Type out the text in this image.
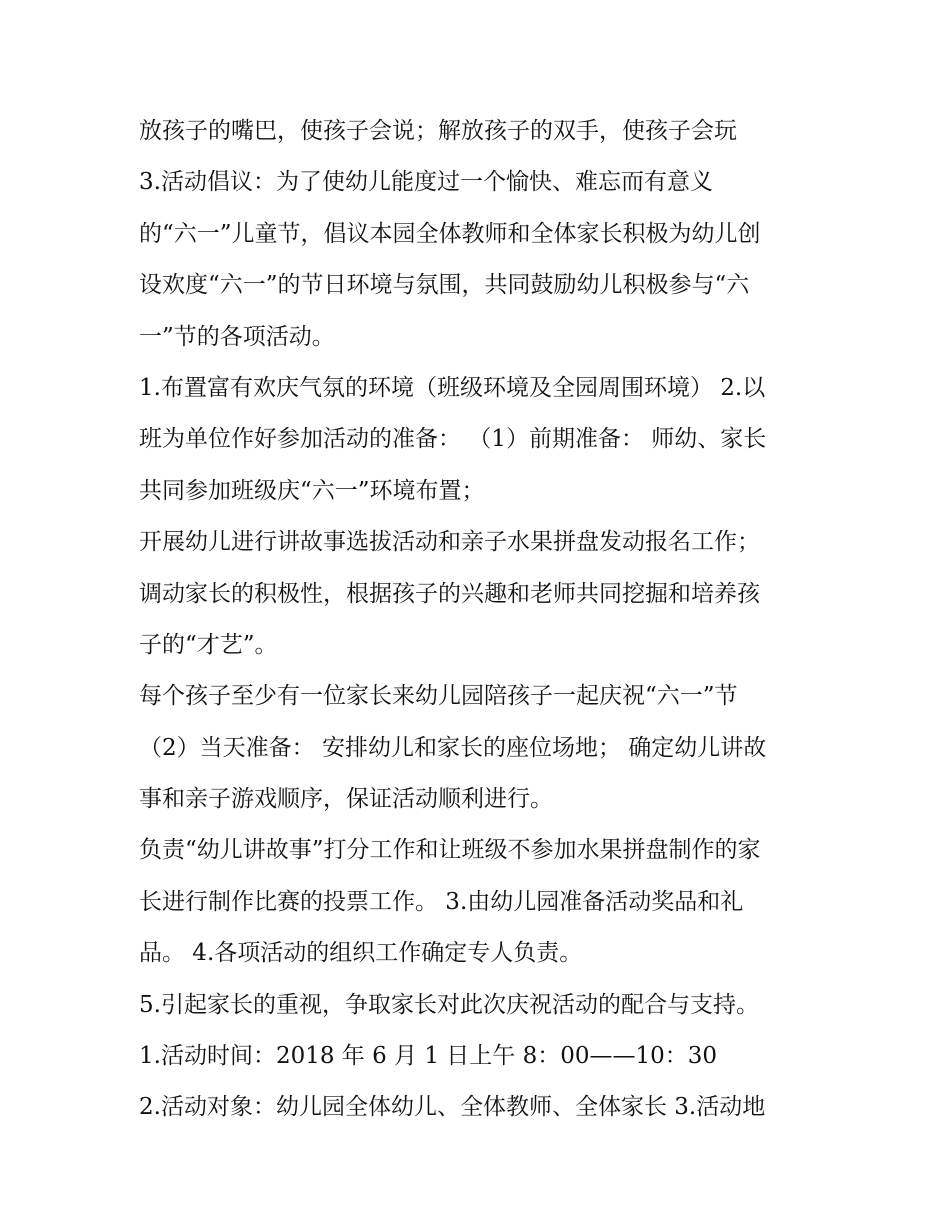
放孩子的嘴巴，使孩子会说；解放孩子的双手，使孩子会玩
3.活动倡议：为了使幼儿能度过一个愉快、难忘而有意义
的“六一”儿童节，倡议本园全体教师和全体家长积极为幼儿创
设欢度“六一”的节日环境与氛围，共同鼓励幼儿积极参与“六
一”节的各项活动。
1.布置富有欢庆气氛的环境（班级环境及全园周围环境） 2.以
班为单位作好参加活动的准备： （1）前期准备： 师幼、家长
共同参加班级庆“六一”环境布置；
开展幼儿进行讲故事选拔活动和亲子水果拼盘发动报名工作；
调动家长的积极性，根据孩子的兴趣和老师共同挖掘和培养孩
子的“才艺”。
每个孩子至少有一位家长来幼儿园陪孩子一起庆祝“六一”节
（2）当天准备： 安排幼儿和家长的座位场地； 确定幼儿讲故
事和亲子游戏顺序，保证活动顺利进行。
负责“幼儿讲故事”打分工作和让班级不参加水果拼盘制作的家
长进行制作比赛的投票工作。 3.由幼儿园准备活动奖品和礼
品。 4.各项活动的组织工作确定专人负责。
5.引起家长的重视，争取家长对此次庆祝活动的配合与支持。
1.活动时间：2018 年 6 月 1 日上午 8：00——10：30
2.活动对象：幼儿园全体幼儿、全体教师、全体家长 3.活动地
